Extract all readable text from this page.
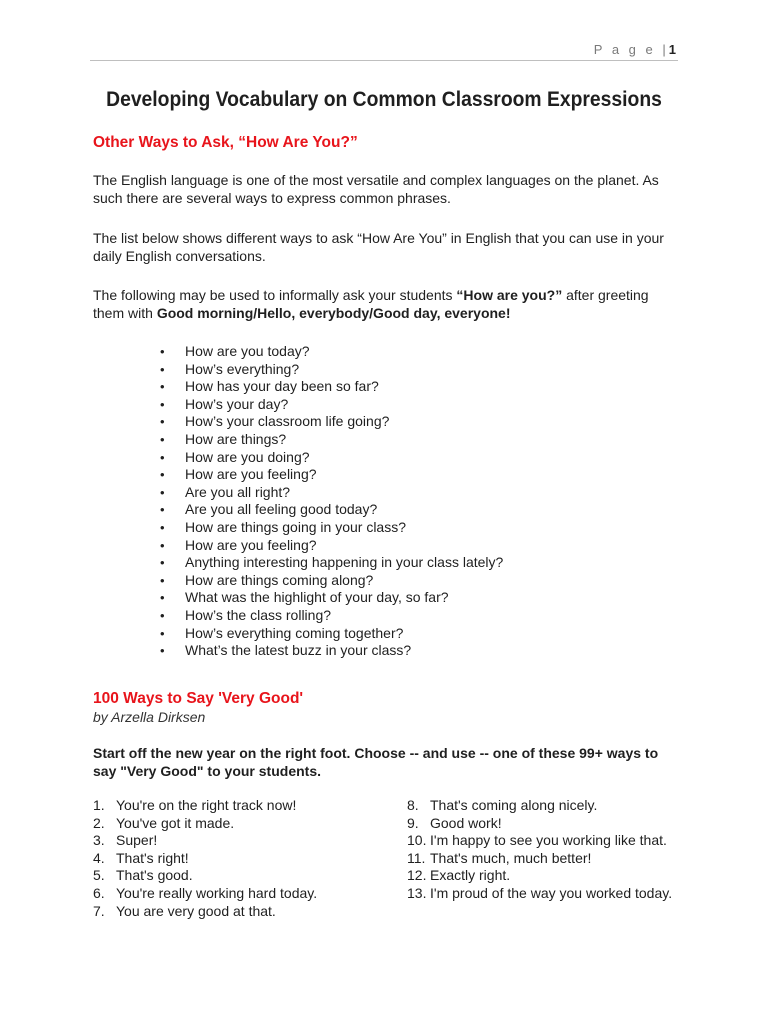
P a g e |1
Developing Vocabulary on Common Classroom Expressions
Other Ways to Ask, “How Are You?”
The English language is one of the most versatile and complex languages on the planet. As such there are several ways to express common phrases.
The list below shows different ways to ask “How Are You” in English that you can use in your daily English conversations.
The following may be used to informally ask your students “How are you?” after greeting them with Good morning/Hello, everybody/Good day, everyone!
• How are you today?
• How’s everything?
• How has your day been so far?
• How’s your day?
• How’s your classroom life going?
• How are things?
• How are you doing?
• How are you feeling?
• Are you all right?
• Are you all feeling good today?
• How are things going in your class?
• How are you feeling?
• Anything interesting happening in your class lately?
• How are things coming along?
• What was the highlight of your day, so far?
• How’s the class rolling?
• How’s everything coming together?
• What’s the latest buzz in your class?
100 Ways to Say 'Very Good'
by Arzella Dirksen
Start off the new year on the right foot. Choose -- and use -- one of these 99+ ways to say "Very Good" to your students.
1. You're on the right track now!
2. You've got it made.
3. Super!
4. That's right!
5. That's good.
6. You're really working hard today.
7. You are very good at that.
8. That's coming along nicely.
9. Good work!
10. I'm happy to see you working like that.
11. That's much, much better!
12. Exactly right.
13. I'm proud of the way you worked today.
